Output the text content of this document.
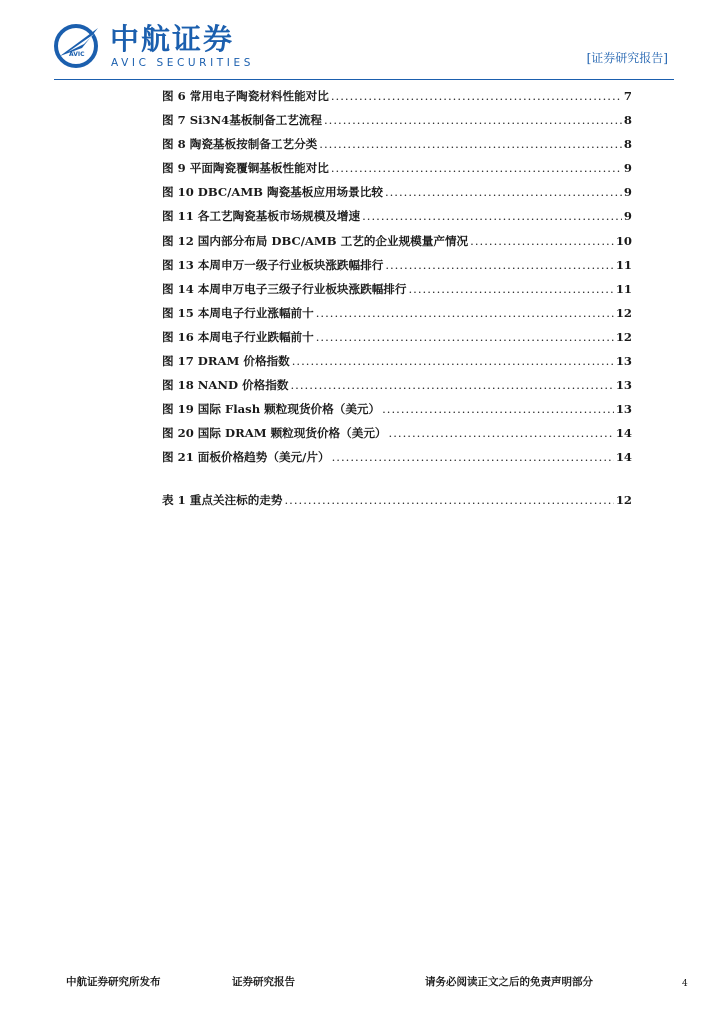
AVIC 中航证券
AVIC SECURITIES	[证券研究报告]
图 6 常用电子陶瓷材料性能对比 .....	7
图 7 Si3N4基板制备工艺流程 .....	8
图 8 陶瓷基板按制备工艺分类 .....	8
图 9 平面陶瓷覆铜基板性能对比 .....	9
图 10 DBC/AMB 陶瓷基板应用场景比较 .....	9
图 11 各工艺陶瓷基板市场规模及增速 .....	9
图 12 国内部分布局 DBC/AMB 工艺的企业规模量产情况 .....	10
图 13 本周申万一级子行业板块涨跌幅排行 .....	11
图 14 本周申万电子三级子行业板块涨跌幅排行 .....	11
图 15 本周电子行业涨幅前十 .....	12
图 16 本周电子行业跌幅前十 .....	12
图 17 DRAM 价格指数 .....	13
图 18 NAND 价格指数 .....	13
图 19 国际 Flash 颗粒现货价格（美元） .....	13
图 20 国际 DRAM 颗粒现货价格（美元） .....	14
图 21 面板价格趋势（美元/片） .....	14
表 1 重点关注标的走势 .....	12
中航证券研究所发布	证券研究报告	请务必阅读正文之后的免责声明部分	4
